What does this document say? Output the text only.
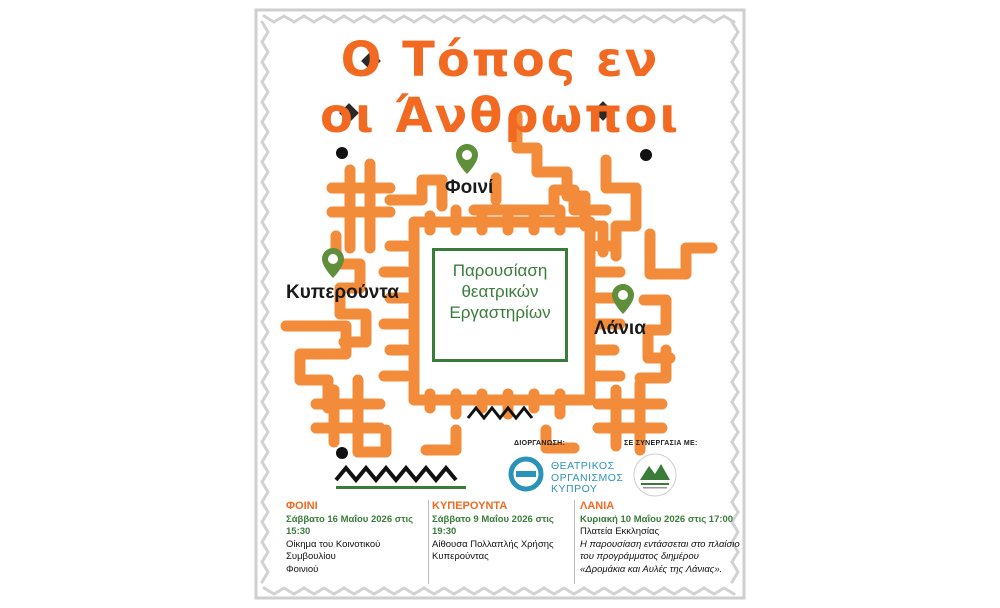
Ο Τόπος εν
οι Άνθρωποι
Φοινί
Κυπερούντα
Λάνια
Παρουσίαση
θεατρικών
Εργαστηρίων
ΔΙΟΡΓΑΝΩΣΗ:	ΣΕ ΣΥΝΕΡΓΑΣΙΑ ΜΕ:
ΘΕΑΤΡΙΚΟΣ
ΟΡΓΑΝΙΣΜΟΣ
ΚΥΠΡΟΥ
ΦΟΙΝΙ
Σάββατο 16 Μαΐου 2026 στις 15:30
Οίκημα του Κοινοτικού Συμβουλίου
Φοινιού
ΚΥΠΕΡΟΥΝΤΑ
Σάββατο 9 Μαΐου 2026 στις 19:30
Αίθουσα Πολλαπλής Χρήσης
Κυπερούντας
ΛΑΝΙΑ
Κυριακή 10 Μαΐου 2026 στις 17:00
Πλατεία Εκκλησίας
Η παρουσίαση εντάσσεται στο πλαίσιο
του προγράμματος διημέρου
«Δρομάκια και Αυλές της Λάνιας».
